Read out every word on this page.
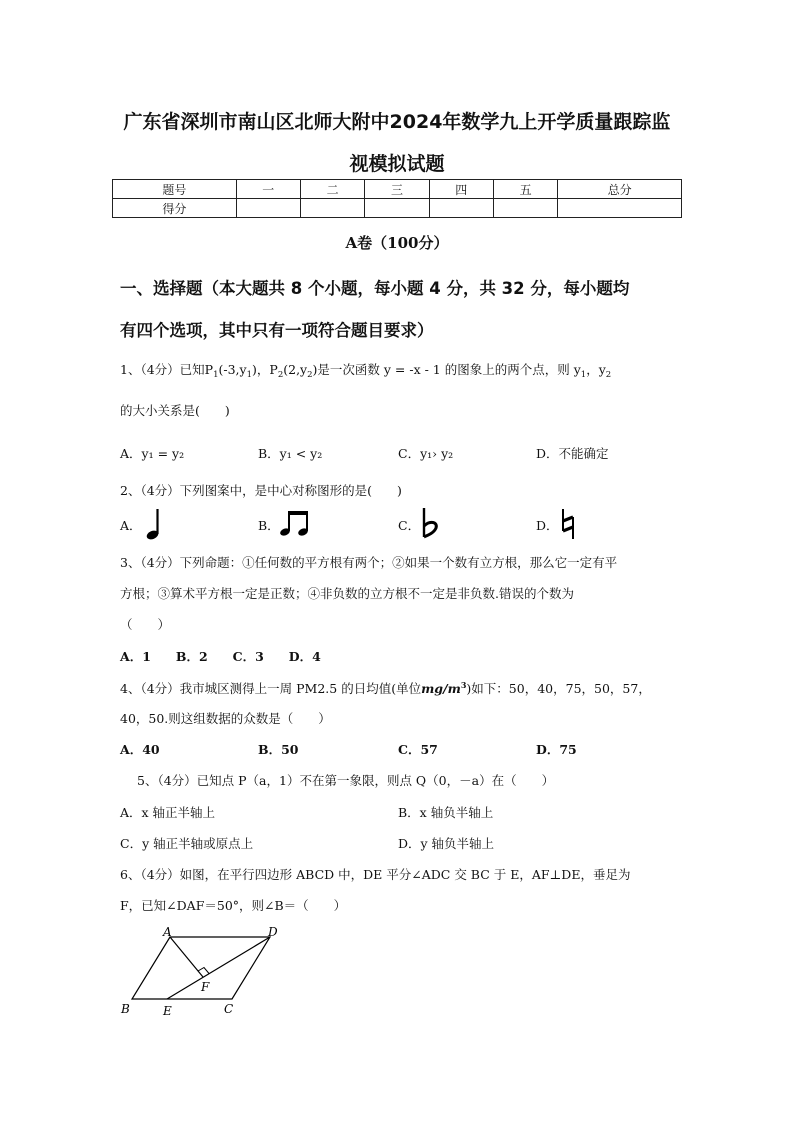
广东省深圳市南山区北师大附中2024年数学九上开学质量跟踪监
视模拟试题
题号	一	二	三	四	五	总分
得分						
A卷（100分）
一、选择题（本大题共 8 个小题，每小题 4 分，共 32 分，每小题均
有四个选项，其中只有一项符合题目要求）
1、（4分）已知$P_1(-3,y_1)$，$P_2(2,y_2)$是一次函数 y = -x - 1 的图象上的两个点，则 $y_1$，$y_2$
的大小关系是(　　)
A．y₁ = y₂	B．y₁ < y₂	C．y₁› y₂	D．不能确定
2、（4分）下列图案中，是中心对称图形的是(　　)
A．	B．	C．	D．
3、（4分）下列命题：①任何数的平方根有两个；②如果一个数有立方根，那么它一定有平
方根；③算术平方根一定是正数；④非负数的立方根不一定是非负数.错误的个数为
（　　）
A．1　　B．2　　C．3　　D．4
4、（4分）我市城区测得上一周 PM2.5 的日均值(单位$mg/m^3$)如下：50，40，75，50，57，
40，50.则这组数据的众数是（　　）
A．40	B．50	C．57	D．75
5、（4分）已知点 P（a，1）不在第一象限，则点 Q（0，－a）在（　　）
A．x 轴正半轴上	B．x 轴负半轴上
C．y 轴正半轴或原点上	D．y 轴负半轴上
6、（4分）如图，在平行四边形 ABCD 中，DE 平分∠ADC 交 BC 于 E，AF⊥DE，垂足为
F，已知∠DAF＝50°，则∠B＝（　　）
A	D
B	E	C
F
